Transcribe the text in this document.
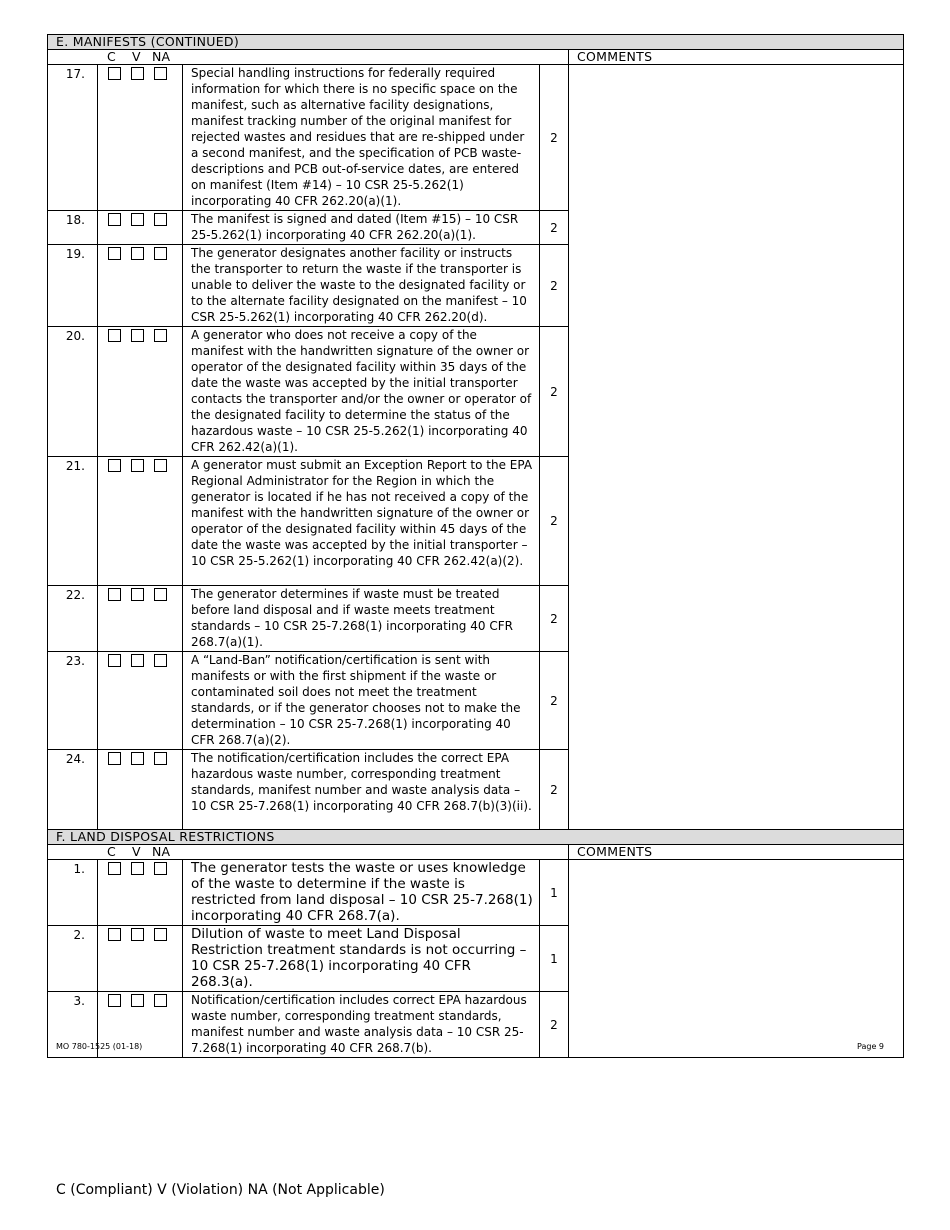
E. MANIFESTS (CONTINUED)				
C V NA				COMMENTS
17.		Special handling instructions for federally required information for which there is no specific space on the manifest, such as alternative facility designations, manifest tracking number of the original manifest for rejected wastes and residues that are re-shipped under a second manifest, and the specification of PCB waste-descriptions and PCB out-of-service dates, are entered on manifest (Item #14) – 10 CSR 25-5.262(1) incorporating 40 CFR 262.20(a)(1).	2	
18.		The manifest is signed and dated (Item #15) – 10 CSR 25-5.262(1) incorporating 40 CFR 262.20(a)(1).	2	
19.		The generator designates another facility or instructs the transporter to return the waste if the transporter is unable to deliver the waste to the designated facility or to the alternate facility designated on the manifest – 10 CSR 25-5.262(1) incorporating 40 CFR 262.20(d).	2	
20.		A generator who does not receive a copy of the manifest with the handwritten signature of the owner or operator of the designated facility within 35 days of the date the waste was accepted by the initial transporter contacts the transporter and/or the owner or operator of the designated facility to determine the status of the hazardous waste – 10 CSR 25-5.262(1) incorporating 40 CFR 262.42(a)(1).	2	
21.		A generator must submit an Exception Report to the EPA Regional Administrator for the Region in which the generator is located if he has not received a copy of the manifest with the handwritten signature of the owner or operator of the designated facility within 45 days of the date the waste was accepted by the initial transporter – 10 CSR 25-5.262(1) incorporating 40 CFR 262.42(a)(2).	2	
22.		The generator determines if waste must be treated before land disposal and if waste meets treatment standards – 10 CSR 25-7.268(1) incorporating 40 CFR 268.7(a)(1).	2	
23.		A “Land-Ban” notification/certification is sent with manifests or with the first shipment if the waste or contaminated soil does not meet the treatment standards, or if the generator chooses not to make the determination – 10 CSR 25-7.268(1) incorporating 40 CFR 268.7(a)(2).	2	
24.		The notification/certification includes the correct EPA hazardous waste number, corresponding treatment standards, manifest number and waste analysis data – 10 CSR 25-7.268(1) incorporating 40 CFR 268.7(b)(3)(ii).	2	
F. LAND DISPOSAL RESTRICTIONS				
C V NA				COMMENTS
1.		The generator tests the waste or uses knowledge of the waste to determine if the waste is restricted from land disposal – 10 CSR 25-7.268(1) incorporating 40 CFR 268.7(a).	1	
2.		Dilution of waste to meet Land Disposal Restriction treatment standards is not occurring – 10 CSR 25-7.268(1) incorporating 40 CFR 268.3(a).	1	
3.		Notification/certification includes correct EPA hazardous waste number, corresponding treatment standards, manifest number and waste analysis data – 10 CSR 25-7.268(1) incorporating 40 CFR 268.7(b).	2	
MO 780-1525 (01-18)	Page 9
C (Compliant) V (Violation) NA (Not Applicable)
